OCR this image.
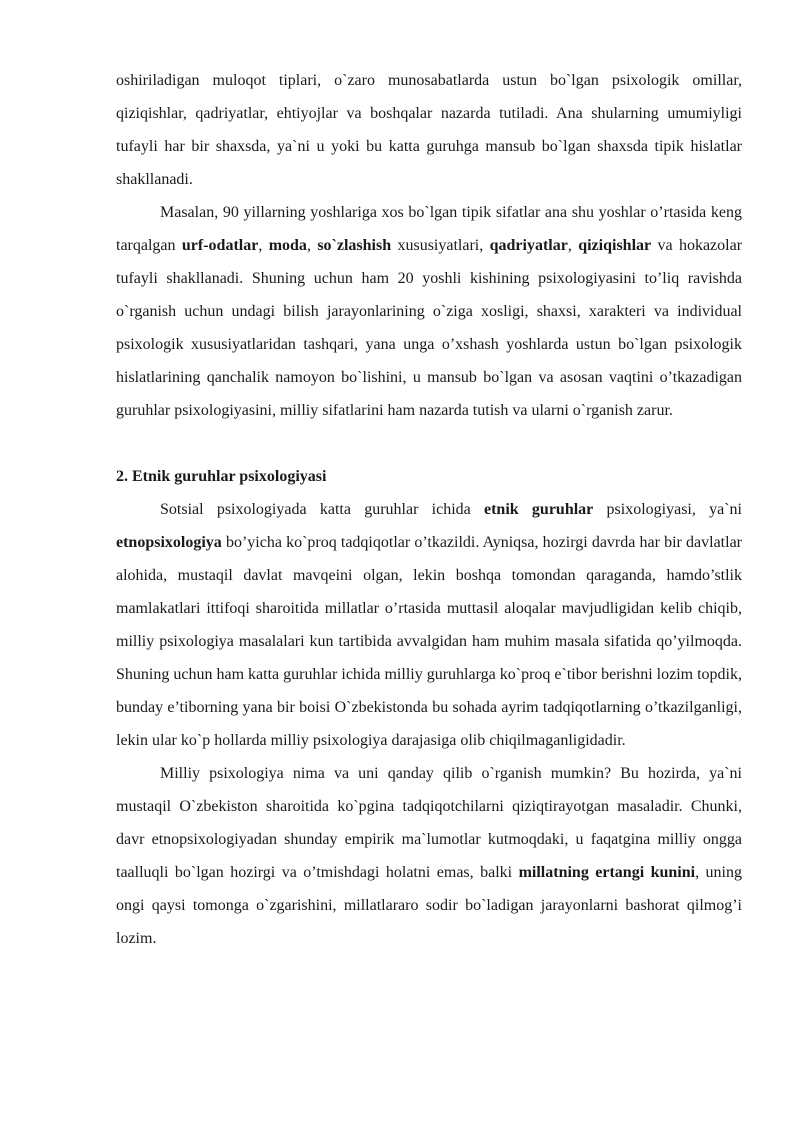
oshiriladigan muloqot tiplari, o`zaro munosabatlarda ustun bo`lgan psixologik omillar, qiziqishlar, qadriyatlar, ehtiyojlar va boshqalar nazarda tutiladi. Ana shularning umumiyligi tufayli har bir shaxsda, ya`ni u yoki bu katta guruhga mansub bo`lgan shaxsda tipik hislatlar shakllanadi.

Masalan, 90 yillarning yoshlariga xos bo`lgan tipik sifatlar ana shu yoshlar o’rtasida keng tarqalgan urf-odatlar, moda, so`zlashish xususiyatlari, qadriyatlar, qiziqishlar va hokazolar tufayli shakllanadi. Shuning uchun ham 20 yoshli kishining psixologiyasini to’liq ravishda o`rganish uchun undagi bilish jarayonlarining o`ziga xosligi, shaxsi, xarakteri va individual psixologik xususiyatlaridan tashqari, yana unga o’xshash yoshlarda ustun bo`lgan psixologik hislatlarining qanchalik namoyon bo`lishini, u mansub bo`lgan va asosan vaqtini o’tkazadigan guruhlar psixologiyasini, milliy sifatlarini ham nazarda tutish va ularni o`rganish zarur.

2. Etnik guruhlar psixologiyasi

Sotsial psixologiyada katta guruhlar ichida etnik guruhlar psixologiyasi, ya`ni etnopsixologiya bo’yicha ko`proq tadqiqotlar o’tkazildi. Ayniqsa, hozirgi davrda har bir davlatlar alohida, mustaqil davlat mavqeini olgan, lekin boshqa tomondan qaraganda, hamdo’stlik mamlakatlari ittifoqi sharoitida millatlar o’rtasida muttasil aloqalar mavjudligidan kelib chiqib, milliy psixologiya masalalari kun tartibida avvalgidan ham muhim masala sifatida qo’yilmoqda. Shuning uchun ham katta guruhlar ichida milliy guruhlarga ko`proq e`tibor berishni lozim topdik, bunday e’tiborning yana bir boisi O`zbekistonda bu sohada ayrim tadqiqotlarning o’tkazilganligi, lekin ular ko`p hollarda milliy psixologiya darajasiga olib chiqilmaganligidadir.

Milliy psixologiya nima va uni qanday qilib o`rganish mumkin? Bu hozirda, ya`ni mustaqil O`zbekiston sharoitida ko`pgina tadqiqotchilarni qiziqtirayotgan masaladir. Chunki, davr etnopsixologiyadan shunday empirik ma`lumotlar kutmoqdaki, u faqatgina milliy ongga taalluqli bo`lgan hozirgi va o’tmishdagi holatni emas, balki millatning ertangi kunini, uning ongi qaysi tomonga o`zgarishini, millatlararo sodir bo`ladigan jarayonlarni bashorat qilmog’i lozim.
